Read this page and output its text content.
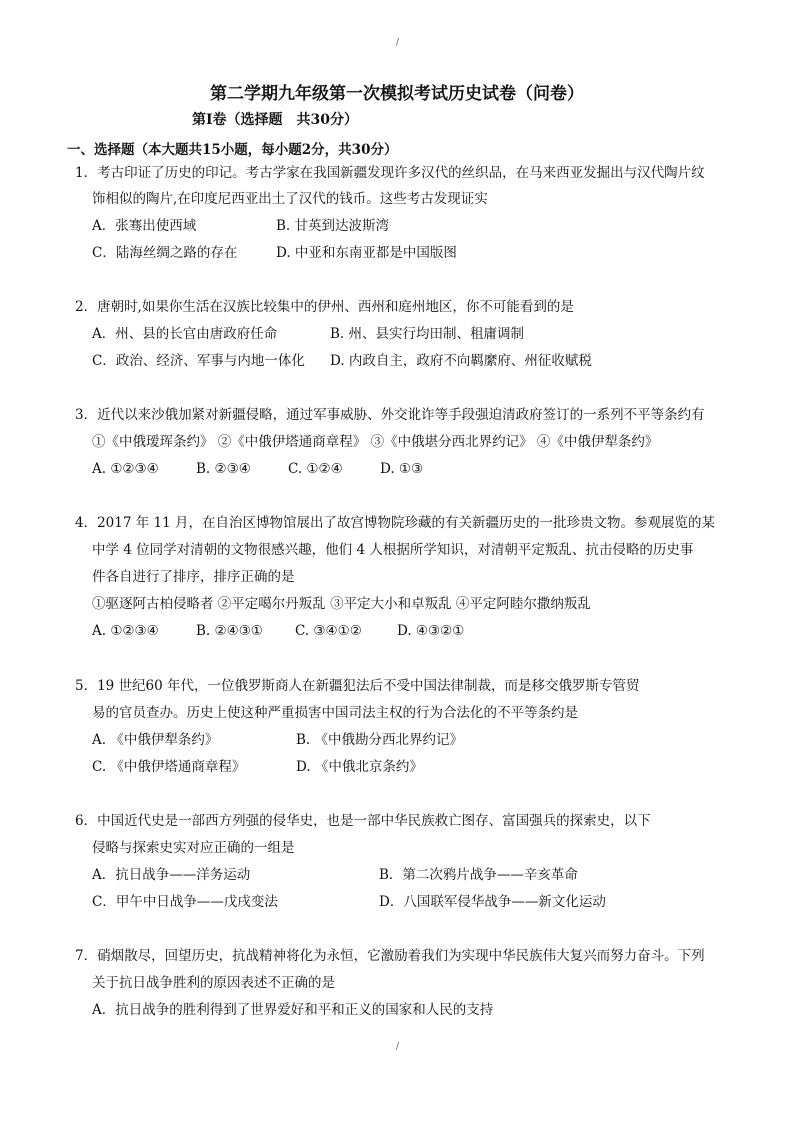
/
第二学期九年级第一次模拟考试历史试卷（问卷）
第Ⅰ卷（选择题　共30分）
一、选择题（本大题共15小题，每小题2分，共30分）
1．考古印证了历史的印记。考古学家在我国新疆发现许多汉代的丝织品，在马来西亚发掘出与汉代陶片纹
饰相似的陶片,在印度尼西亚出土了汉代的钱币。这些考古发现证实
A．张骞出使西域	B. 甘英到达波斯湾
C．陆海丝绸之路的存在	D. 中亚和东南亚都是中国版图
2．唐朝时,如果你生活在汉族比较集中的伊州、西州和庭州地区，你不可能看到的是
A．州、县的长官由唐政府任命	B. 州、县实行均田制、租庸调制
C．政治、经济、军事与内地一体化 D. 内政自主，政府不向羁縻府、州征收赋税
3．近代以来沙俄加紧对新疆侵略，通过军事威胁、外交讹诈等手段强迫清政府签订的一系列不平等条约有
①《中俄瑷珲条约》 ②《中俄伊塔通商章程》 ③《中俄堪分西北界约记》 ④《中俄伊犁条约》
A. ①②③④	B. ②③④	C. ①②④	D. ①③
4．2017 年 11 月，在自治区博物馆展出了故宫博物院珍藏的有关新疆历史的一批珍贵文物。参观展览的某
中学 4 位同学对清朝的文物很感兴趣，他们 4 人根据所学知识，对清朝平定叛乱、抗击侵略的历史事
件各自进行了排序，排序正确的是
①驱逐阿古柏侵略者 ②平定噶尔丹叛乱 ③平定大小和卓叛乱 ④平定阿睦尔撒纳叛乱
A. ①②③④	B. ②④③① C. ③④①②	D. ④③②①
5．19 世纪60 年代，一位俄罗斯商人在新疆犯法后不受中国法律制裁，而是移交俄罗斯专管贸
易的官员查办。历史上使这种严重损害中国司法主权的行为合法化的不平等条约是
A. 《中俄伊犁条约》	B. 《中俄勘分西北界约记》
C. 《中俄伊塔通商章程》	D. 《中俄北京条约》
6．中国近代史是一部西方列强的侵华史，也是一部中华民族救亡图存、富国强兵的探索史，以下
侵略与探索史实对应正确的一组是
A．抗日战争——洋务运动	B．第二次鸦片战争——辛亥革命
C．甲午中日战争——戊戌变法	D．八国联军侵华战争——新文化运动
7．硝烟散尽，回望历史，抗战精神将化为永恒，它激励着我们为实现中华民族伟大复兴而努力奋斗。下列
关于抗日战争胜利的原因表述不正确的是
A．抗日战争的胜利得到了世界爱好和平和正义的国家和人民的支持
/
